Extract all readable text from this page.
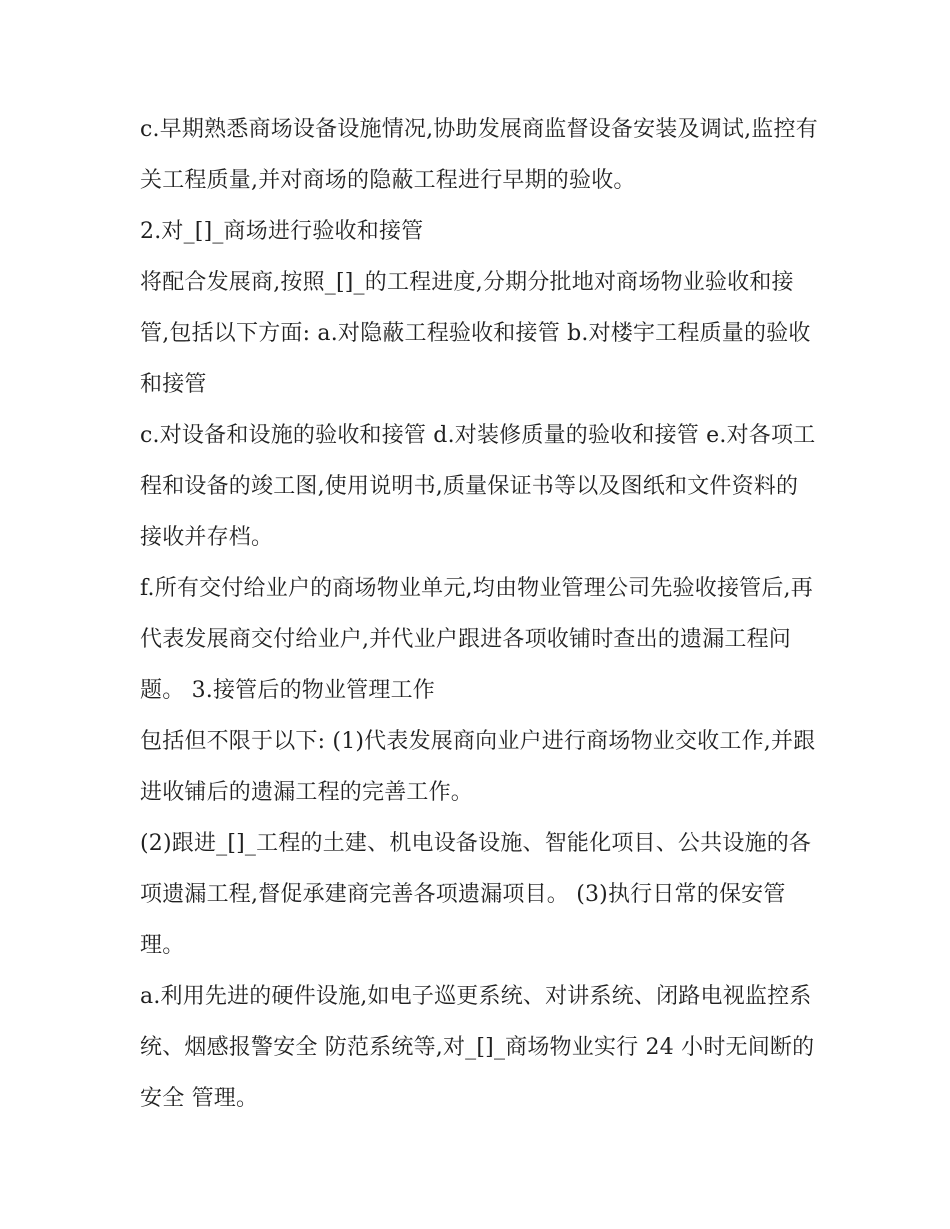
c.早期熟悉商场设备设施情况,协助发展商监督设备安装及调试,监控有关工程质量,并对商场的隐蔽工程进行早期的验收。

2.对_[]_商场进行验收和接管

将配合发展商,按照_[]_的工程进度,分期分批地对商场物业验收和接管,包括以下方面: a.对隐蔽工程验收和接管 b.对楼宇工程质量的验收和接管

c.对设备和设施的验收和接管 d.对装修质量的验收和接管 e.对各项工程和设备的竣工图,使用说明书,质量保证书等以及图纸和文件资料的接收并存档。

f.所有交付给业户的商场物业单元,均由物业管理公司先验收接管后,再代表发展商交付给业户,并代业户跟进各项收铺时查出的遗漏工程问题。 3.接管后的物业管理工作

包括但不限于以下: (1)代表发展商向业户进行商场物业交收工作,并跟进收铺后的遗漏工程的完善工作。

(2)跟进_[]_工程的土建、机电设备设施、智能化项目、公共设施的各项遗漏工程,督促承建商完善各项遗漏项目。 (3)执行日常的保安管理。

a.利用先进的硬件设施,如电子巡更系统、对讲系统、闭路电视监控系统、烟感报警安全 防范系统等,对_[]_商场物业实行 24 小时无间断的安全 管理。
